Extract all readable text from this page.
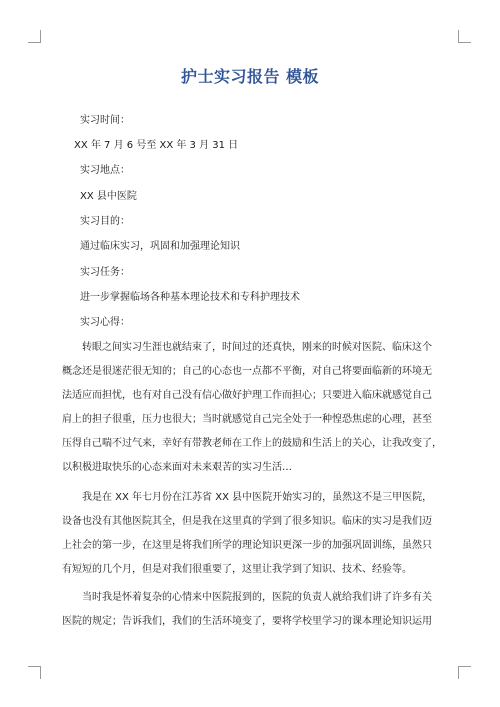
护士实习报告 模板
实习时间：
XX 年 7 月 6 号至 XX 年 3 月 31 日
实习地点：
XX 县中医院
实习目的：
通过临床实习，巩固和加强理论知识
实习任务：
进一步掌握临场各种基本理论技术和专科护理技术
实习心得：
转眼之间实习生涯也就结束了，时间过的还真快，刚来的时候对医院、临床这个
概念还是很迷茫很无知的；自己的心态也一点都不平衡，对自己将要面临新的环境无
法适应而担忧，也有对自己没有信心做好护理工作而担心；只要进入临床就感觉自己
肩上的担子很重，压力也很大；当时就感觉自己完全处于一种惶恐焦虑的心理，甚至
压得自己喘不过气来，幸好有带教老师在工作上的鼓励和生活上的关心，让我改变了，
以积极进取快乐的心态来面对未来艰苦的实习生活…
我是在 XX 年七月份在江苏省 XX 县中医院开始实习的，虽然这不是三甲医院，
设备也没有其他医院其全，但是我在这里真的学到了很多知识。临床的实习是我们迈
上社会的第一步，在这里是将我们所学的理论知识更深一步的加强巩固训练，虽然只
有短短的几个月，但是对我们很重要了，这里让我学到了知识、技术、经验等。
当时我是怀着复杂的心情来中医院报到的，医院的负责人就给我们讲了许多有关
医院的规定；告诉我们，我们的生活环境变了，要将学校里学习的课本理论知识运用
